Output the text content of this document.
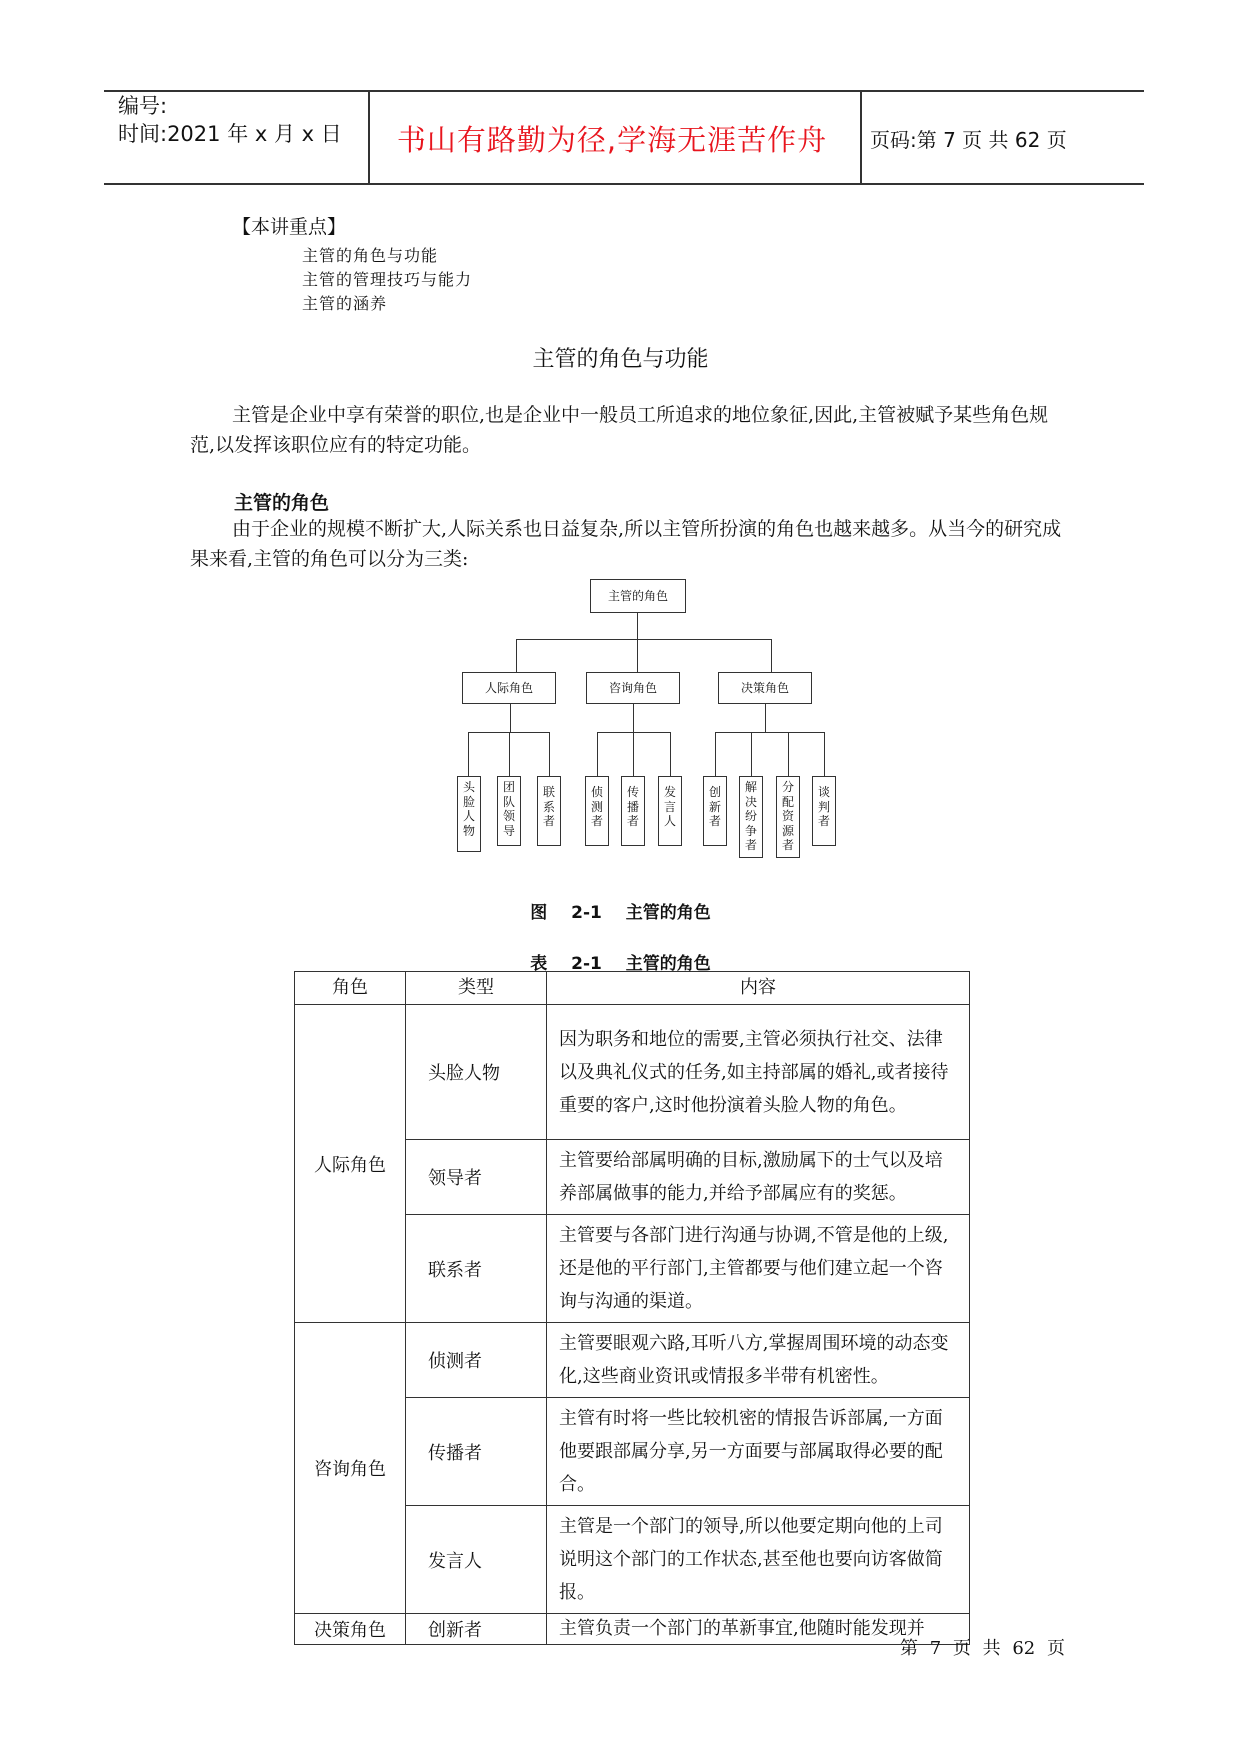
编号:
时间:2021 年 x 月 x 日	书山有路勤为径,学海无涯苦作舟	页码:第 7 页 共 62 页
【本讲重点】
主管的角色与功能
主管的管理技巧与能力
主管的涵养
主管的角色与功能
主管是企业中享有荣誉的职位,也是企业中一般员工所追求的地位象征,因此,主管被赋予某些角色规范,以发挥该职位应有的特定功能。
主管的角色
由于企业的规模不断扩大,人际关系也日益复杂,所以主管所扮演的角色也越来越多。从当今的研究成果来看,主管的角色可以分为三类:
主管的角色
人际角色	咨询角色	决策角色
头脸人物
团队领导
联系者
侦测者
传播者
发言人
创新者
解决纷争者
分配资源者
谈判者
图 2-1 主管的角色
表 2-1 主管的角色
角色	类型	内容
人际角色	头脸人物	因为职务和地位的需要,主管必须执行社交、法律以及典礼仪式的任务,如主持部属的婚礼,或者接待重要的客户,这时他扮演着头脸人物的角色。
	领导者	主管要给部属明确的目标,激励属下的士气以及培养部属做事的能力,并给予部属应有的奖惩。
	联系者	主管要与各部门进行沟通与协调,不管是他的上级,还是他的平行部门,主管都要与他们建立起一个咨询与沟通的渠道。
咨询角色	侦测者	主管要眼观六路,耳听八方,掌握周围环境的动态变化,这些商业资讯或情报多半带有机密性。
	传播者	主管有时将一些比较机密的情报告诉部属,一方面他要跟部属分享,另一方面要与部属取得必要的配合。
	发言人	主管是一个部门的领导,所以他要定期向他的上司说明这个部门的工作状态,甚至他也要向访客做简报。
决策角色	创新者	主管负责一个部门的革新事宜,他随时能发现并
第 7 页 共 62 页
